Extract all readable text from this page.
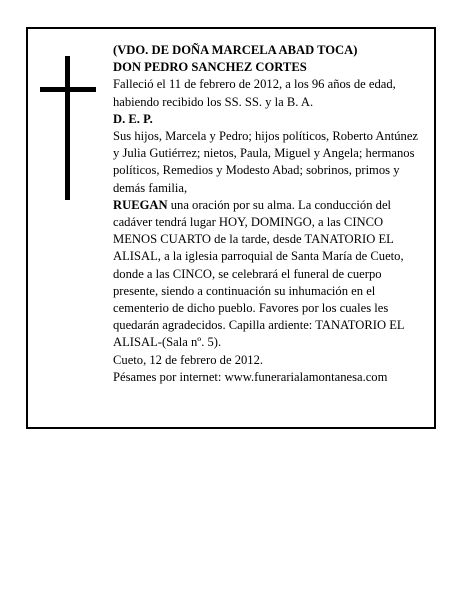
(VDO. DE DOÑA MARCELA ABAD TOCA)

DON PEDRO SANCHEZ CORTES

Falleció el 11 de febrero de 2012, a los 96 años de edad, habiendo recibido los SS. SS. y la B. A.

D. E. P.

Sus hijos, Marcela y Pedro; hijos políticos, Roberto Antúnez y Julia Gutiérrez; nietos, Paula, Miguel y Angela; hermanos políticos, Remedios y Modesto Abad; sobrinos, primos y demás familia,

RUEGAN una oración por su alma. La conducción del cadáver tendrá lugar HOY, DOMINGO, a las CINCO MENOS CUARTO de la tarde, desde TANATORIO EL ALISAL, a la iglesia parroquial de Santa María de Cueto, donde a las CINCO, se celebrará el funeral de cuerpo presente, siendo a continuación su inhumación en el cementerio de dicho pueblo. Favores por los cuales les quedarán agradecidos. Capilla ardiente: TANATORIO EL ALISAL-(Sala nº. 5).

Cueto, 12 de febrero de 2012.

Pésames por internet: www.funerarialamontanesa.com
